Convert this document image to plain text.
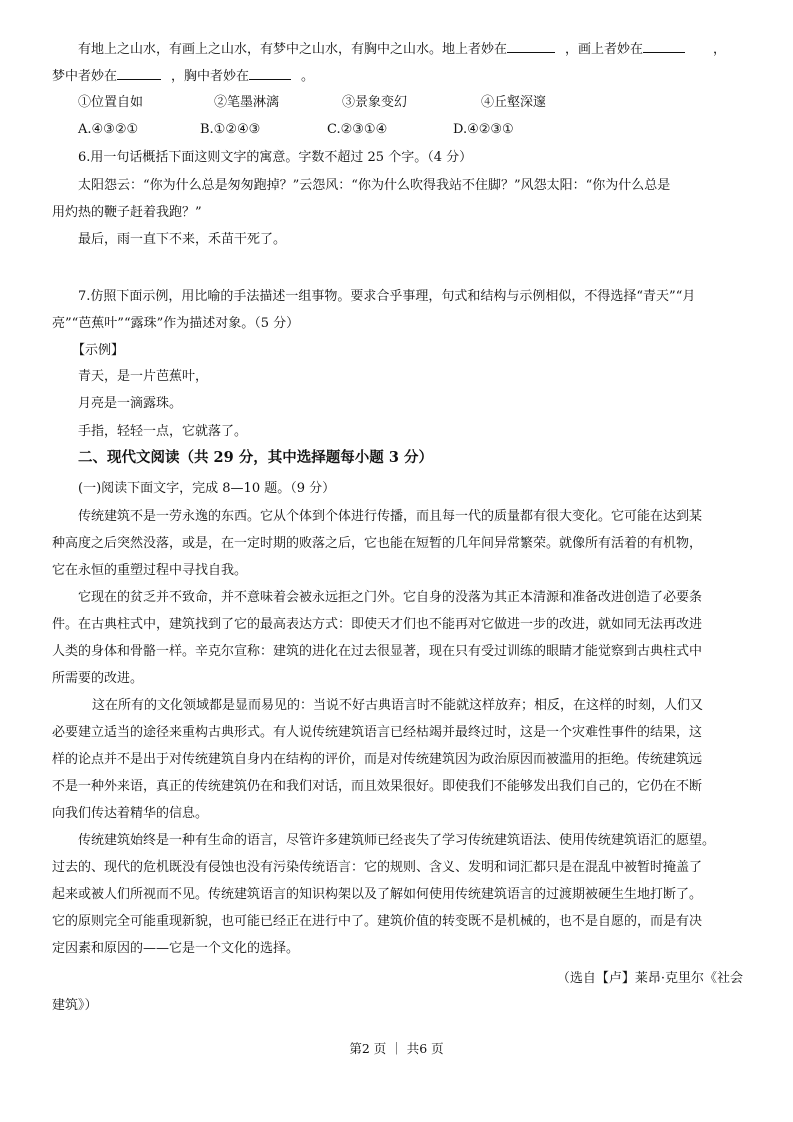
有地上之山水，有画上之山水，有梦中之山水，有胸中之山水。地上者妙在	，画上者妙在	，
梦中者妙在	，胸中者妙在	。
①位置自如	②笔墨淋漓	③景象变幻	④丘壑深邃
A.④③②①	B.①②④③	C.②③①④	D.④②③①
6.用一句话概括下面这则文字的寓意。字数不超过 25 个字。（4 分）
太阳怨云：“你为什么总是匆匆跑掉？”云怨风：“你为什么吹得我站不住脚？”风怨太阳：“你为什么总是
用灼热的鞭子赶着我跑？”
最后，雨一直下不来，禾苗干死了。
7.仿照下面示例，用比喻的手法描述一组事物。要求合乎事理，句式和结构与示例相似，不得选择“青天”“月
亮”“芭蕉叶”“露珠”作为描述对象。（5 分）
【示例】
青天，是一片芭蕉叶，
月亮是一滴露珠。
手指，轻轻一点，它就落了。
二、现代文阅读（共 29 分，其中选择题每小题 3 分）
(一)阅读下面文字，完成 8—10 题。（9 分）
传统建筑不是一劳永逸的东西。它从个体到个体进行传播，而且每一代的质量都有很大变化。它可能在达到某
种高度之后突然没落，或是，在一定时期的败落之后，它也能在短暂的几年间异常繁荣。就像所有活着的有机物，
它在永恒的重塑过程中寻找自我。
它现在的贫乏并不致命，并不意味着会被永远拒之门外。它自身的没落为其正本清源和准备改进创造了必要条
件。在古典柱式中，建筑找到了它的最高表达方式：即使天才们也不能再对它做进一步的改进，就如同无法再改进
人类的身体和骨骼一样。辛克尔宣称：建筑的进化在过去很显著，现在只有受过训练的眼睛才能觉察到古典柱式中
所需要的改进。
这在所有的文化领域都是显而易见的：当说不好古典语言时不能就这样放弃；相反，在这样的时刻，人们又
必要建立适当的途径来重构古典形式。有人说传统建筑语言已经枯竭并最终过时，这是一个灾难性事件的结果，这
样的论点并不是出于对传统建筑自身内在结构的评价，而是对传统建筑因为政治原因而被滥用的拒绝。传统建筑远
不是一种外来语，真正的传统建筑仍在和我们对话，而且效果很好。即使我们不能够发出我们自己的，它仍在不断
向我们传达着精华的信息。
传统建筑始终是一种有生命的语言，尽管许多建筑师已经丧失了学习传统建筑语法、使用传统建筑语汇的愿望。
过去的、现代的危机既没有侵蚀也没有污染传统语言：它的规则、含义、发明和词汇都只是在混乱中被暂时掩盖了
起来或被人们所视而不见。传统建筑语言的知识构架以及了解如何使用传统建筑语言的过渡期被硬生生地打断了。
它的原则完全可能重现新貌，也可能已经正在进行中了。建筑价值的转变既不是机械的，也不是自愿的，而是有决
定因素和原因的——它是一个文化的选择。
（选自【卢】莱昂·克里尔《社会
建筑》）
第2 页 ｜ 共6 页
